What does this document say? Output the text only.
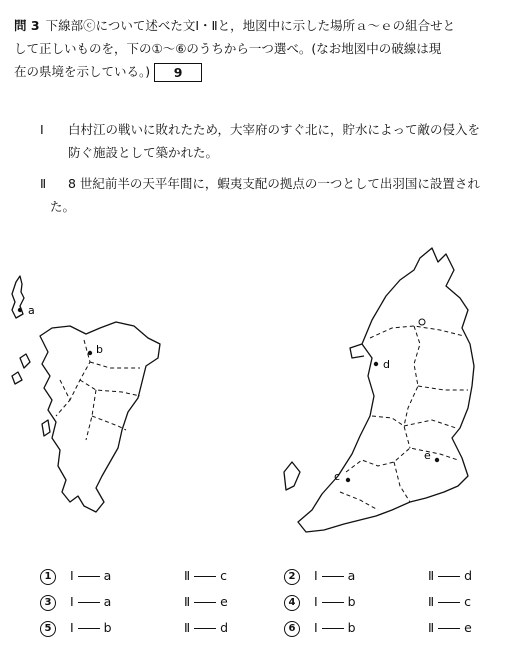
問 3 下線部ⓒについて述べた文Ⅰ・Ⅱと，地図中に示した場所ａ〜ｅの組合せと
して正しいものを，下の①〜⑥のうちから一つ選べ。(なお地図中の破線は現
在の県境を示している。) 9
Ⅰ 白村江の戦いに敗れたため，大宰府のすぐ北に，貯水によって敵の侵入を
防ぐ施設として築かれた。
Ⅱ 8 世紀前半の天平年間に，蝦夷支配の拠点の一つとして出羽国に設置され
た。
a
b
d
c
e
1 Ⅰ a	Ⅱ c	2 Ⅰ a	Ⅱ d
3 Ⅰ a	Ⅱ e	4 Ⅰ b	Ⅱ c
5 Ⅰ b	Ⅱ d	6 Ⅰ b	Ⅱ e
